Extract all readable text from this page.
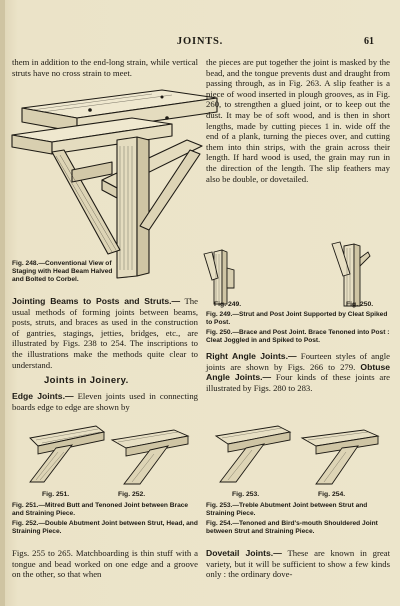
JOINTS.	61

them in addition to the end-long strain, while vertical struts have no cross strain to meet.

Fig. 248.—Conventional View of Staging with Head Beam Halved and Bolted to Corbel.

Jointing Beams to Posts and Struts.— The usual methods of forming joints between beams, posts, struts, and braces as used in the construction of gantries, stagings, jetties, bridges, etc., are illustrated by Figs. 238 to 254. The inscriptions to the illustrations make the methods quite clear to understand.

Joints in Joinery.

Edge Joints.— Eleven joints used in connecting boards edge to edge are shown by

the pieces are put together the joint is masked by the bead, and the tongue prevents dust and draught from passing through, as in Fig. 263. A slip feather is a piece of wood inserted in plough grooves, as in Fig. 260, to strengthen a glued joint, or to keep out the dust. It may be of soft wood, and is then in short lengths, made by cutting pieces 1 in. wide off the end of a plank, turning the pieces over, and cutting them into thin strips, with the grain across their length. If hard wood is used, the grain may run in the direction of the length. The slip feathers may also be double, or dovetailed.

Fig. 249.	Fig. 250.

Fig. 249.—Strut and Post Joint Supported by Cleat Spiked to Post.

Fig. 250.—Brace and Post Joint. Brace Tenoned into Post : Cleat Joggled in and Spiked to Post.

Right Angle Joints.— Fourteen styles of angle joints are shown by Figs. 266 to 279. Obtuse Angle Joints.— Four kinds of these joints are illustrated by Figs. 280 to 283.

Fig. 251.	Fig. 252.	Fig. 253.	Fig. 254.

Fig. 251.—Mitred Butt and Tenoned Joint between Brace and Straining Piece.

Fig. 252.—Double Abutment Joint between Strut, Head, and Straining Piece.

Fig. 253.—Treble Abutment Joint between Strut and Straining Piece.

Fig. 254.—Tenoned and Bird's-mouth Shouldered Joint between Strut and Straining Piece.

Figs. 255 to 265. Matchboarding is thin stuff with a tongue and bead worked on one edge and a groove on the other, so that when

Dovetail Joints.— These are known in great variety, but it will be sufficient to show a few kinds only : the ordinary dove-
